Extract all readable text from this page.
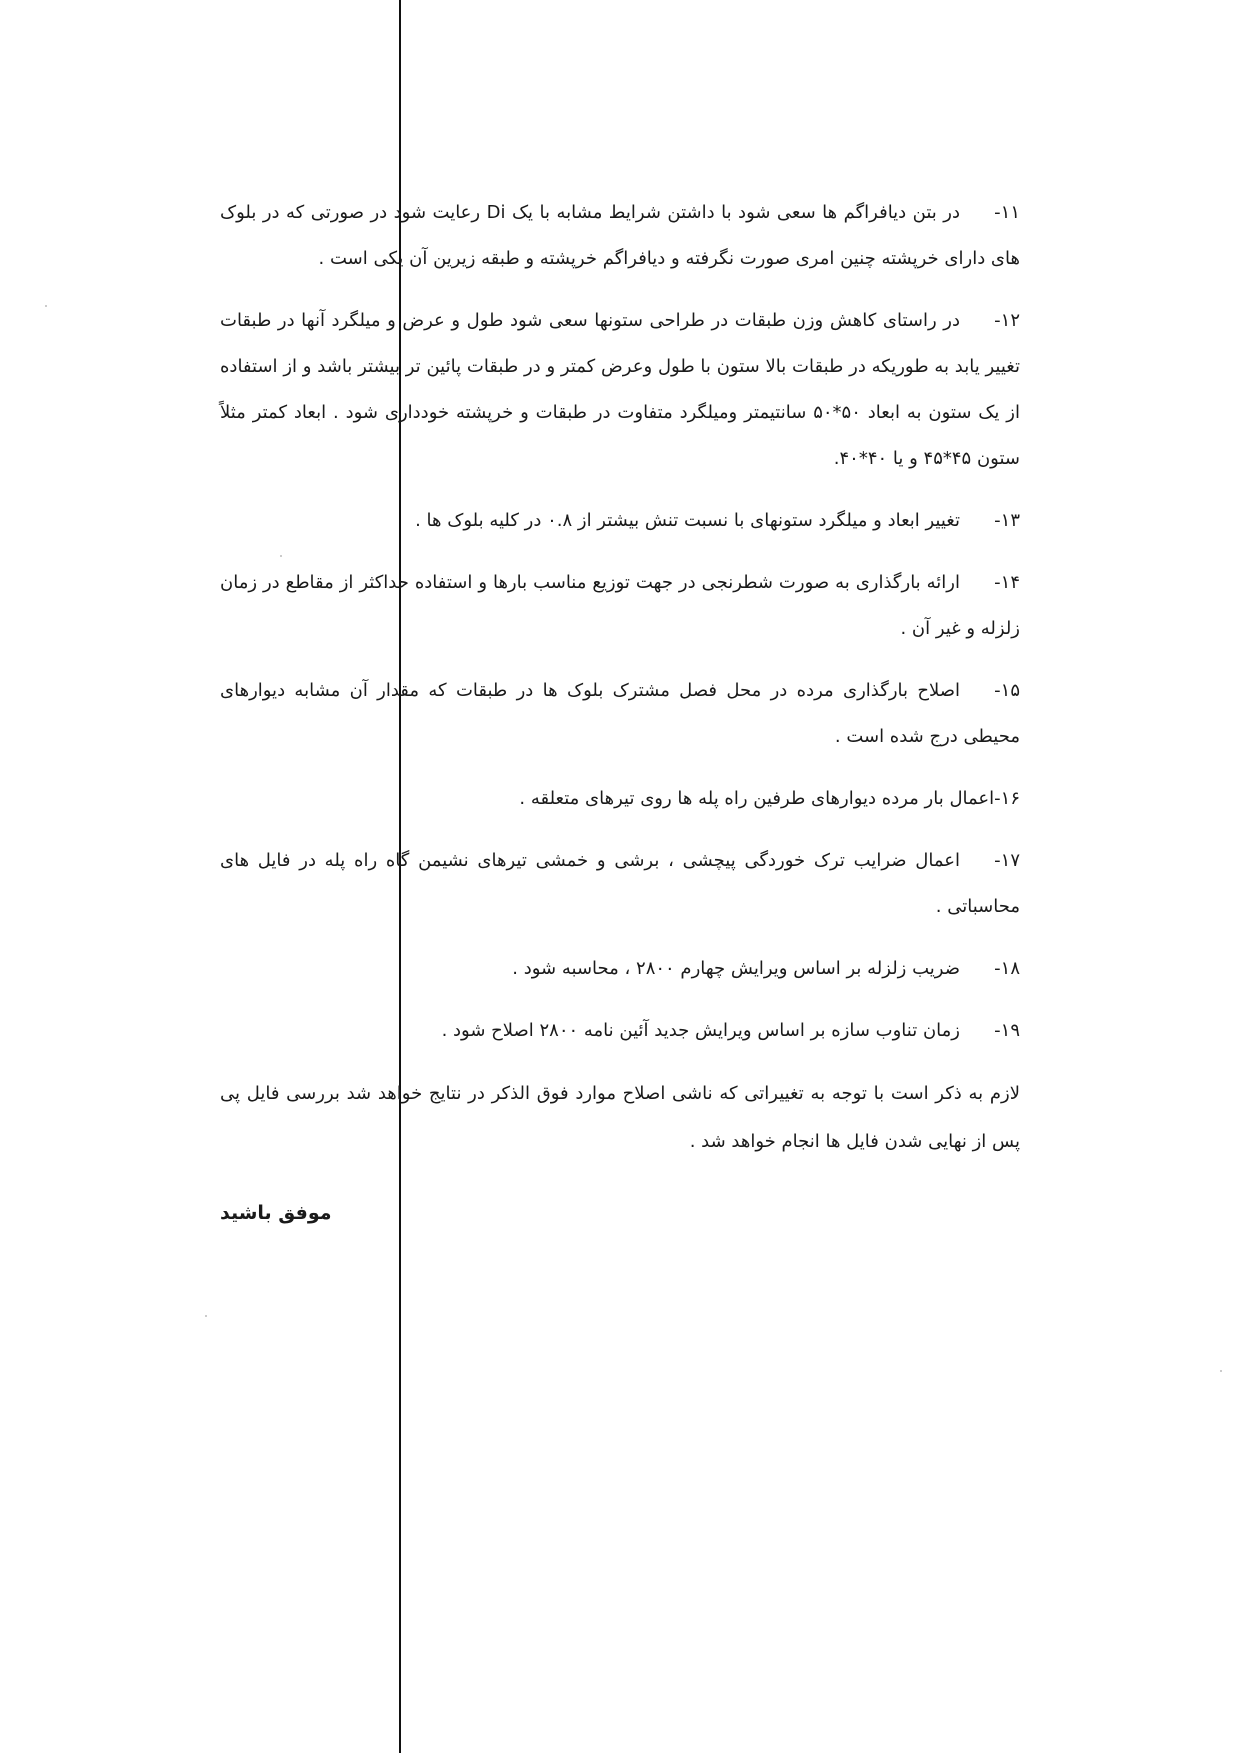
۱۱-در بتن دیافراگم ها سعی شود با داشتن شرایط مشابه با یک Di رعایت شود در صورتی که در بلوک های دارای خرپشته چنین امری صورت نگرفته و دیافراگم خرپشته و طبقه زیرین آن یکی است .
۱۲-در راستای کاهش وزن طبقات در طراحی ستونها سعی شود طول و عرض و میلگرد آنها در طبقات تغییر یابد به طوریکه در طبقات بالا ستون با طول وعرض کمتر و در طبقات پائین تر بیشتر باشد و از استفاده از یک ستون به ابعاد ۵۰*۵۰ سانتیمتر ومیلگرد متفاوت در طبقات و خرپشته خودداری شود . ابعاد کمتر مثلاً ستون ۴۵*۴۵ و یا ۴۰*۴۰.
۱۳-تغییر ابعاد و میلگرد ستونهای با نسبت تنش بیشتر از ۰.۸ در کلیه بلوک ها .
۱۴-ارائه بارگذاری به صورت شطرنجی در جهت توزیع مناسب بارها و استفاده حداکثر از مقاطع در زمان زلزله و غیر آن .
۱۵-اصلاح بارگذاری مرده در محل فصل مشترک بلوک ها در طبقات که مقدار آن مشابه دیوارهای محیطی درج شده است .
۱۶-اعمال بار مرده دیوارهای طرفین راه پله ها روی تیرهای متعلقه .
۱۷-اعمال ضرایب ترک خوردگی پیچشی ، برشی و خمشی تیرهای نشیمن گاه راه پله در فایل های محاسباتی .
۱۸-ضریب زلزله بر اساس ویرایش چهارم ۲۸۰۰ ، محاسبه شود .
۱۹-زمان تناوب سازه بر اساس ویرایش جدید آئین نامه ۲۸۰۰ اصلاح شود .
لازم به ذکر است با توجه به تغییراتی که ناشی اصلاح موارد فوق الذکر در نتایج خواهد شد بررسی فایل پی پس از نهایی شدن فایل ها انجام خواهد شد .
موفق باشید
